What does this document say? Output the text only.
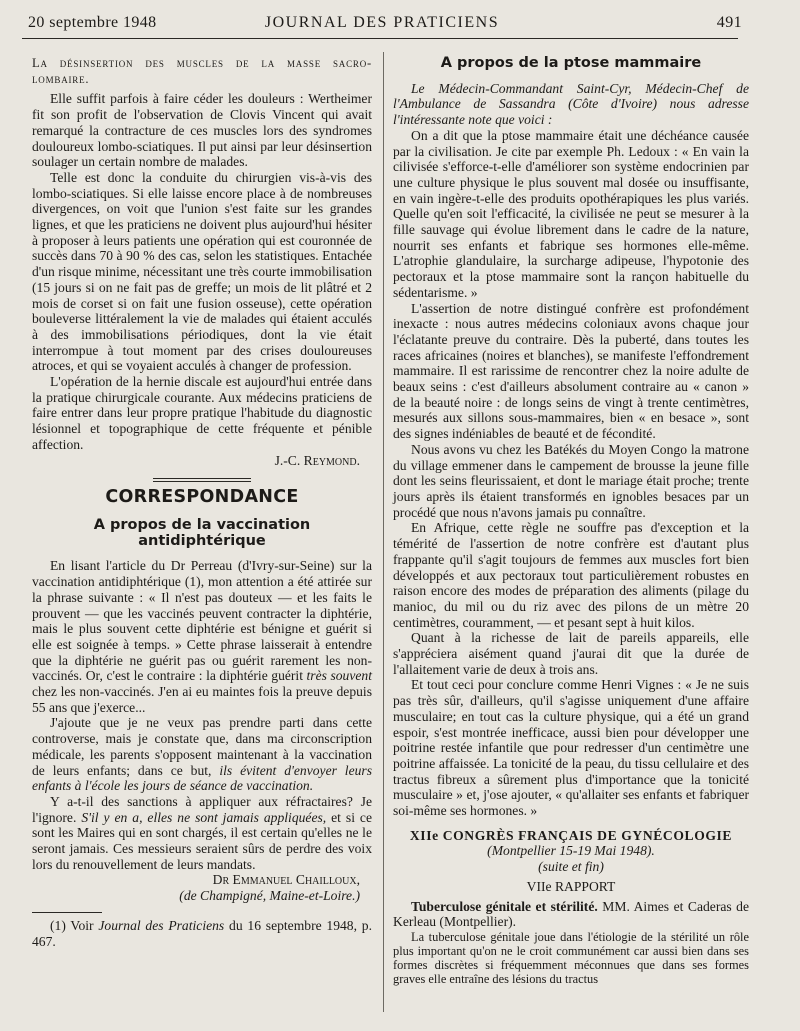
20 septembre 1948	JOURNAL DES PRATICIENS	491

La désinsertion des muscles de la masse sacro-lombaire.

Elle suffit parfois à faire céder les douleurs : Wertheimer fit son profit de l'observation de Clovis Vincent qui avait remarqué la contracture de ces muscles lors des syndromes douloureux lombo-sciatiques. Il put ainsi par leur désinsertion soulager un certain nombre de malades.

Telle est donc la conduite du chirurgien vis-à-vis des lombo-sciatiques. Si elle laisse encore place à de nombreuses divergences, on voit que l'union s'est faite sur les grandes lignes, et que les praticiens ne doivent plus aujourd'hui hésiter à proposer à leurs patients une opération qui est couronnée de succès dans 70 à 90 % des cas, selon les statistiques. Entachée d'un risque minime, nécessitant une très courte immobilisation (15 jours si on ne fait pas de greffe; un mois de lit plâtré et 2 mois de corset si on fait une fusion osseuse), cette opération bouleverse littéralement la vie de malades qui étaient acculés à des immobilisations périodiques, dont la vie était interrompue à tout moment par des crises douloureuses atroces, et qui se voyaient acculés à changer de profession.

L'opération de la hernie discale est aujourd'hui entrée dans la pratique chirurgicale courante. Aux médecins praticiens de faire entrer dans leur propre pratique l'habitude du diagnostic lésionnel et topographique de cette fréquente et pénible affection.

J.-C. Reymond.

CORRESPONDANCE
A propos de la vaccination antidiphtérique

En lisant l'article du Dr Perreau (d'Ivry-sur-Seine) sur la vaccination antidiphtérique (1), mon attention a été attirée sur la phrase suivante : « Il n'est pas douteux — et les faits le prouvent — que les vaccinés peuvent contracter la diphtérie, mais le plus souvent cette diphtérie est bénigne et guérit si elle est soignée à temps. » Cette phrase laisserait à entendre que la diphtérie ne guérit pas ou guérit rarement les non-vaccinés. Or, c'est le contraire : la diphtérie guérit très souvent chez les non-vaccinés. J'en ai eu maintes fois la preuve depuis 55 ans que j'exerce...

J'ajoute que je ne veux pas prendre parti dans cette controverse, mais je constate que, dans ma circonscription médicale, les parents s'opposent maintenant à la vaccination de leurs enfants; dans ce but, ils évitent d'envoyer leurs enfants à l'école les jours de séance de vaccination.

Y a-t-il des sanctions à appliquer aux réfractaires? Je l'ignore. S'il y en a, elles ne sont jamais appliquées, et si ce sont les Maires qui en sont chargés, il est certain qu'elles ne le seront jamais. Ces messieurs seraient sûrs de perdre des voix lors du renouvellement de leurs mandats.

Dr Emmanuel Chailloux,

(de Champigné, Maine-et-Loire.)

(1) Voir Journal des Praticiens du 16 septembre 1948, p. 467.

A propos de la ptose mammaire

Le Médecin-Commandant Saint-Cyr, Médecin-Chef de l'Ambulance de Sassandra (Côte d'Ivoire) nous adresse l'intéressante note que voici :

On a dit que la ptose mammaire était une déchéance causée par la civilisation. Je cite par exemple Ph. Ledoux : « En vain la cilivisée s'efforce-t-elle d'améliorer son système endocrinien par une culture physique le plus souvent mal dosée ou insuffisante, en vain ingère-t-elle des produits opothérapiques les plus variés. Quelle qu'en soit l'efficacité, la civilisée ne peut se mesurer à la fille sauvage qui évolue librement dans le cadre de la nature, nourrit ses enfants et fabrique ses hormones elle-même. L'atrophie glandulaire, la surcharge adipeuse, l'hypotonie des pectoraux et la ptose mammaire sont la rançon habituelle du sédentarisme. »

L'assertion de notre distingué confrère est profondément inexacte : nous autres médecins coloniaux avons chaque jour l'éclatante preuve du contraire. Dès la puberté, dans toutes les races africaines (noires et blanches), se manifeste l'effondrement mammaire. Il est rarissime de rencontrer chez la noire adulte de beaux seins : c'est d'ailleurs absolument contraire au « canon » de la beauté noire : de longs seins de vingt à trente centimètres, mesurés aux sillons sous-mammaires, bien « en besace », sont des signes indéniables de beauté et de fécondité.

Nous avons vu chez les Batékés du Moyen Congo la matrone du village emmener dans le campement de brousse la jeune fille dont les seins fleurissaient, et dont le mariage était proche; trente jours après ils étaient transformés en ignobles besaces par un procédé que nous n'avons jamais pu connaître.

En Afrique, cette règle ne souffre pas d'exception et la témérité de l'assertion de notre confrère est d'autant plus frappante qu'il s'agit toujours de femmes aux muscles fort bien développés et aux pectoraux tout particulièrement robustes en raison encore des modes de préparation des aliments (pilage du manioc, du mil ou du riz avec des pilons de un mètre 20 centimètres, couramment, — et pesant sept à huit kilos.

Quant à la richesse de lait de pareils appareils, elle s'appréciera aisément quand j'aurai dit que la durée de l'allaitement varie de deux à trois ans.

Et tout ceci pour conclure comme Henri Vignes : « Je ne suis pas très sûr, d'ailleurs, qu'il s'agisse uniquement d'une affaire musculaire; en tout cas la culture physique, qui a été un grand espoir, s'est montrée inefficace, aussi bien pour développer une poitrine restée infantile que pour redresser d'un centimètre une poitrine affaissée. La tonicité de la peau, du tissu cellulaire et des tractus fibreux a sûrement plus d'importance que la tonicité musculaire » et, j'ose ajouter, « qu'allaiter ses enfants et fabriquer soi-même ses hormones. »

XIIe CONGRÈS FRANÇAIS DE GYNÉCOLOGIE
(Montpellier 15-19 Mai 1948).
(suite et fin)
VIIe RAPPORT

Tuberculose génitale et stérilité. MM. Aimes et Caderas de Kerleau (Montpellier).

La tuberculose génitale joue dans l'étiologie de la stérilité un rôle plus important qu'on ne le croit communément car aussi bien dans ses formes discrètes si fréquemment méconnues que dans ses formes graves elle entraîne des lésions du tractus
